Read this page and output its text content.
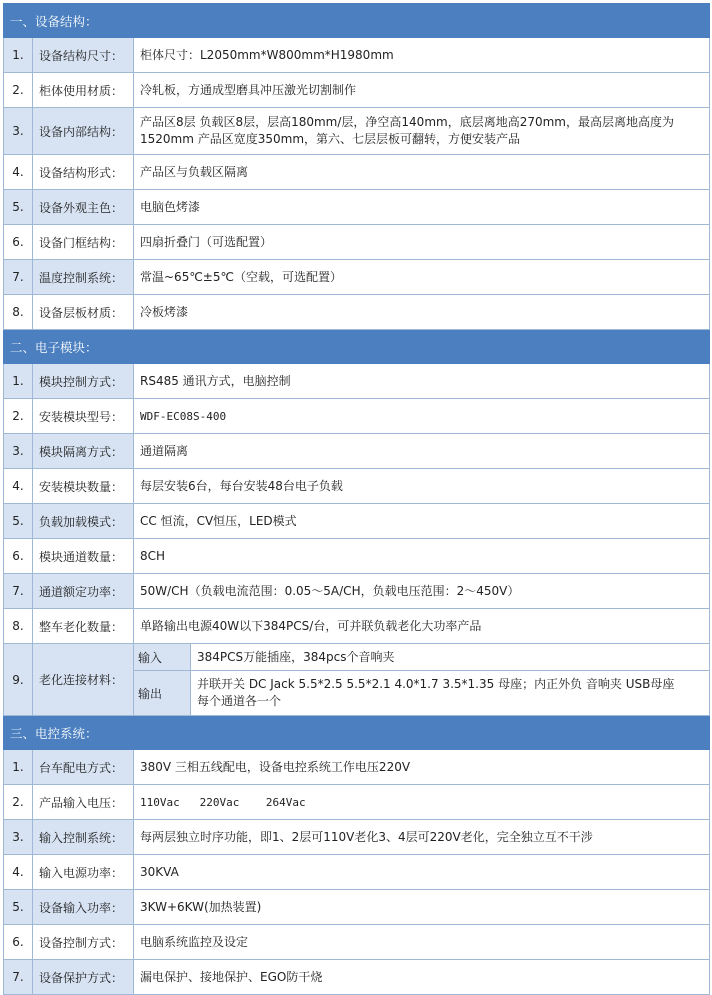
一、设备结构：			
1.	设备结构尺寸：	柜体尺寸：L2050mm*W800mm*H1980mm	
2.	柜体使用材质：	冷轧板，方通成型磨具冲压激光切割制作	
3.	设备内部结构：	产品区8层 负载区8层，层高180mm/层，净空高140mm，底层离地高270mm，最高层离地高度为1520mm 产品区宽度350mm，第六、七层层板可翻转，方便安装产品	
4.	设备结构形式：	产品区与负载区隔离	
5.	设备外观主色：	电脑色烤漆	
6.	设备门框结构：	四扇折叠门（可选配置）	
7.	温度控制系统：	常温~65℃±5℃（空载，可选配置）	
8.	设备层板材质：	冷板烤漆	
二、电子模块：			
1.	模块控制方式：	RS485 通讯方式，电脑控制	
2.	安装模块型号：	WDF-EC08S-400	
3.	模块隔离方式：	通道隔离	
4.	安装模块数量：	每层安装6台，每台安装48台电子负载	
5.	负载加载模式：	CC 恒流，CV恒压，LED模式	
6.	模块通道数量：	8CH	
7.	通道额定功率：	50W/CH（负载电流范围：0.05～5A/CH，负载电压范围：2～450V）	
8.	整车老化数量：	单路输出电源40W以下384PCS/台，可并联负载老化大功率产品	
9.	老化连接材料：	输入	384PCS万能插座，384pcs个音响夹
		输出	并联开关 DC Jack 5.5*2.5 5.5*2.1 4.0*1.7 3.5*1.35 母座；内正外负 音响夹 USB母座
每个通道各一个

三、电控系统：			
1.	台车配电方式：	380V 三相五线配电，设备电控系统工作电压220V	
2.	产品输入电压：	110Vac   220Vac    264Vac	
3.	输入控制系统：	每两层独立时序功能，即1、2层可110V老化3、4层可220V老化，完全独立互不干涉	
4.	输入电源功率：	30KVA	
5.	设备输入功率：	3KW+6KW(加热装置)	
6.	设备控制方式：	电脑系统监控及设定	
7.	设备保护方式：	漏电保护、接地保护、EGO防干烧	
